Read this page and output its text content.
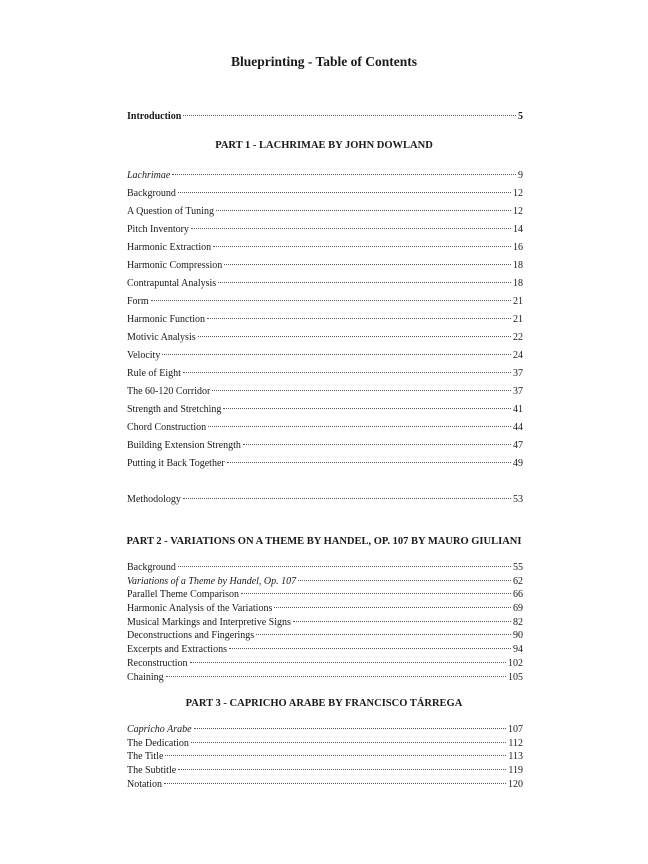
Blueprinting - Table of Contents
Introduction	5
PART 1 - LACHRIMAE BY JOHN DOWLAND
Lachrimae	9
Background	12
A Question of Tuning	12
Pitch Inventory	14
Harmonic Extraction	16
Harmonic Compression	18
Contrapuntal Analysis	18
Form	21
Harmonic Function	21
Motivic Analysis	22
Velocity	24
Rule of Eight	37
The 60-120 Corridor	37
Strength and Stretching	41
Chord Construction	44
Building Extension Strength	47
Putting it Back Together	49
Methodology	53
PART 2 - VARIATIONS ON A THEME BY HANDEL, OP. 107 BY MAURO GIULIANI
Background	55
Variations of a Theme by Handel, Op. 107	62
Parallel Theme Comparison	66
Harmonic Analysis of the Variations	69
Musical Markings and Interpretive Signs	82
Deconstructions and Fingerings	90
Excerpts and Extractions	94
Reconstruction	102
Chaining	105
PART 3 - CAPRICHO ARABE BY FRANCISCO TÁRREGA
Capricho Arabe	107
The Dedication	112
The Title	113
The Subtitle	119
Notation	120
